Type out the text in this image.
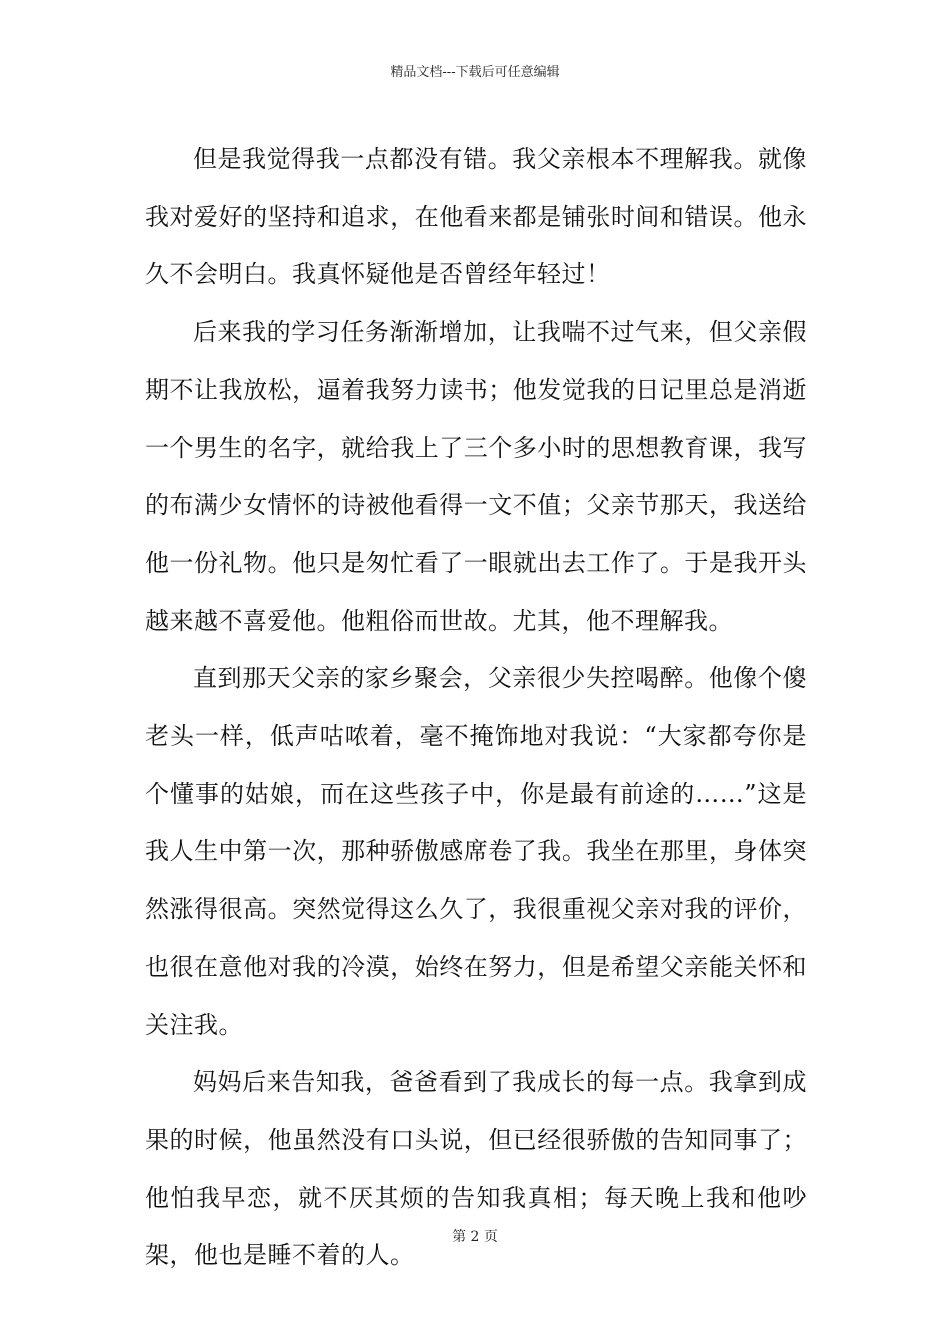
精品文档---下载后可任意编辑

但是我觉得我一点都没有错。我父亲根本不理解我。就像我对爱好的坚持和追求，在他看来都是铺张时间和错误。他永久不会明白。我真怀疑他是否曾经年轻过！

后来我的学习任务渐渐增加，让我喘不过气来，但父亲假期不让我放松，逼着我努力读书；他发觉我的日记里总是消逝一个男生的名字，就给我上了三个多小时的思想教育课，我写的布满少女情怀的诗被他看得一文不值；父亲节那天，我送给他一份礼物。他只是匆忙看了一眼就出去工作了。于是我开头越来越不喜爱他。他粗俗而世故。尤其，他不理解我。

直到那天父亲的家乡聚会，父亲很少失控喝醉。他像个傻老头一样，低声咕哝着，毫不掩饰地对我说：“大家都夸你是个懂事的姑娘，而在这些孩子中，你是最有前途的……”这是我人生中第一次，那种骄傲感席卷了我。我坐在那里，身体突然涨得很高。突然觉得这么久了，我很重视父亲对我的评价，也很在意他对我的冷漠，始终在努力，但是希望父亲能关怀和关注我。

妈妈后来告知我，爸爸看到了我成长的每一点。我拿到成果的时候，他虽然没有口头说，但已经很骄傲的告知同事了；他怕我早恋，就不厌其烦的告知我真相；每天晚上我和他吵架，他也是睡不着的人。

第 2 页
